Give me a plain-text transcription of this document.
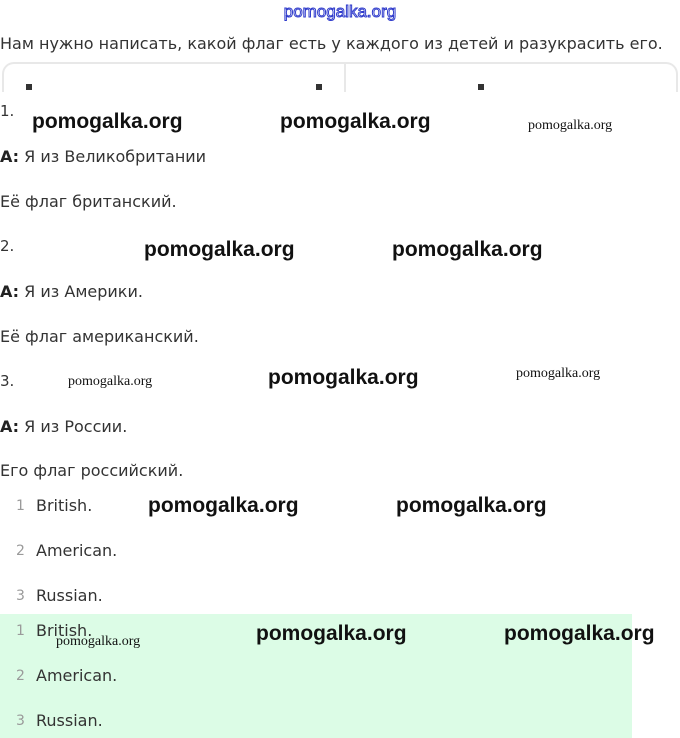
pomogalka.org
Нам нужно написать, какой флаг есть у каждого из детей и разукрасить его.
1.
A: Я из Великобритании
Её флаг британский.
2.
A: Я из Америки.
Её флаг американский.
3.
A: Я из России.
Его флаг российский.
1 British.
2 American.
3 Russian.
1 British.
2 American.
3 Russian.
pomogalka.org	pomogalka.org	pomogalka.org
pomogalka.org	pomogalka.org
pomogalka.org	pomogalka.org	pomogalka.org
pomogalka.org	pomogalka.org
pomogalka.org	pomogalka.org	pomogalka.org
